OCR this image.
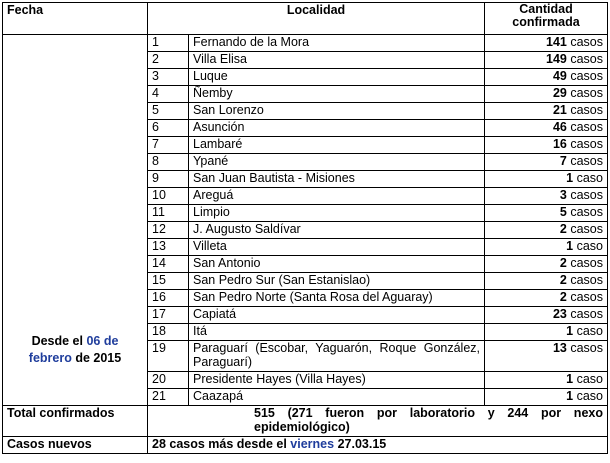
Fecha	Localidad		Cantidad confirmada
Desde el 06 de
febrero de 2015	1	Fernando de la Mora	141 casos
	2	Villa Elisa	149 casos
	3	Luque	49 casos
	4	Ñemby	29 casos
	5	San Lorenzo	21 casos
	6	Asunción	46 casos
	7	Lambaré	16 casos
	8	Ypané	7 casos
	9	San Juan Bautista - Misiones	1 caso
	10	Areguá	3 casos
	11	Limpio	5 casos
	12	J. Augusto Saldívar	2 casos
	13	Villeta	1 caso
	14	San Antonio	2 casos
	15	San Pedro Sur (San Estanislao)	2 casos
	16	San Pedro Norte (Santa Rosa del Aguaray)	2 casos
	17	Capiatá	23 casos
	18	Itá	1 caso
	19	Paraguarí (Escobar, Yaguarón, Roque González, Paraguarí)	13 casos
	20	Presidente Hayes (Villa Hayes)	1 caso
	21	Caazapá	1 caso
Total confirmados	515 (271 fueron por laboratorio y 244 por nexo epidemiológico)		
Casos nuevos	28 casos más desde el viernes 27.03.15		
